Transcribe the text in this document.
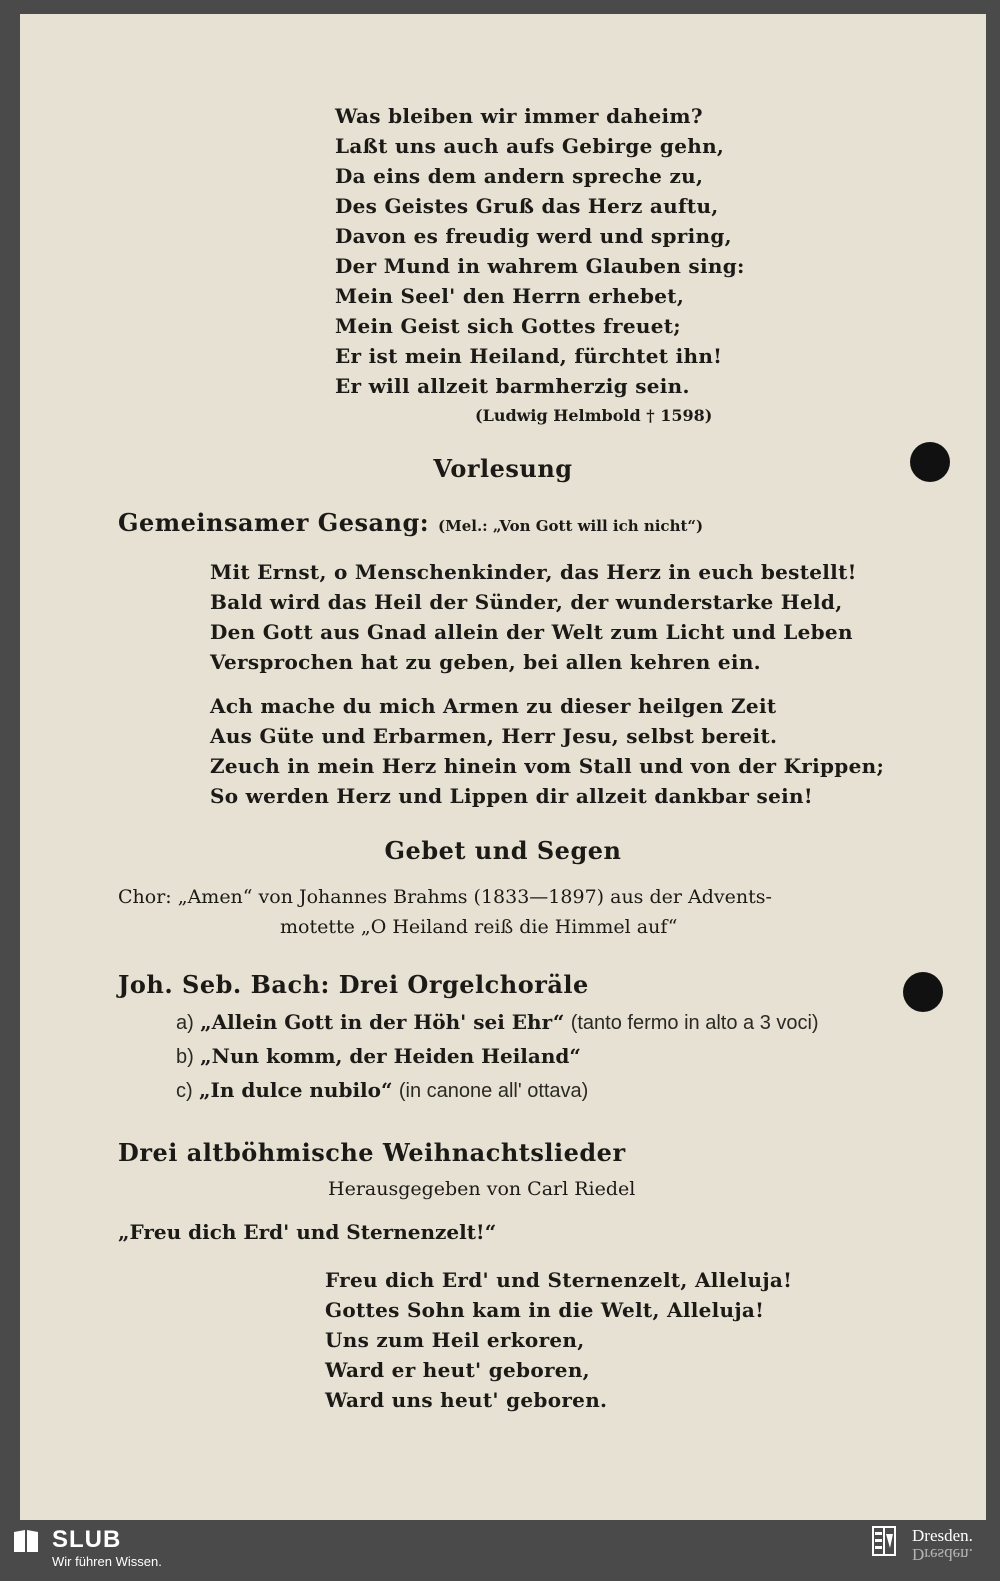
Was bleiben wir immer daheim?
Laßt uns auch aufs Gebirge gehn,
Da eins dem andern spreche zu,
Des Geistes Gruß das Herz auftu,
Davon es freudig werd und spring,
Der Mund in wahrem Glauben sing:
Mein Seel' den Herrn erhebet,
Mein Geist sich Gottes freuet;
Er ist mein Heiland, fürchtet ihn!
Er will allzeit barmherzig sein.
(Ludwig Helmbold † 1598)
Vorlesung
Gemeinsamer Gesang: (Mel.: „Von Gott will ich nicht“)
Mit Ernst, o Menschenkinder, das Herz in euch bestellt!
Bald wird das Heil der Sünder, der wunderstarke Held,
Den Gott aus Gnad allein der Welt zum Licht und Leben
Versprochen hat zu geben, bei allen kehren ein.
Ach mache du mich Armen zu dieser heilgen Zeit
Aus Güte und Erbarmen, Herr Jesu, selbst bereit.
Zeuch in mein Herz hinein vom Stall und von der Krippen;
So werden Herz und Lippen dir allzeit dankbar sein!
Gebet und Segen
Chor: „Amen“ von Johannes Brahms (1833—1897) aus der Advents-
motette „O Heiland reiß die Himmel auf“
Joh. Seb. Bach: Drei Orgelchoräle
a) „Allein Gott in der Höh' sei Ehr“ (tanto fermo in alto a 3 voci)
b) „Nun komm, der Heiden Heiland“
c) „In dulce nubilo“ (in canone all' ottava)
Drei altböhmische Weihnachtslieder
Herausgegeben von Carl Riedel
„Freu dich Erd' und Sternenzelt!“
Freu dich Erd' und Sternenzelt, Alleluja!
Gottes Sohn kam in die Welt, Alleluja!
Uns zum Heil erkoren,
Ward er heut' geboren,
Ward uns heut' geboren.
SLUB
Wir führen Wissen.
Dresden.
Dresden.
